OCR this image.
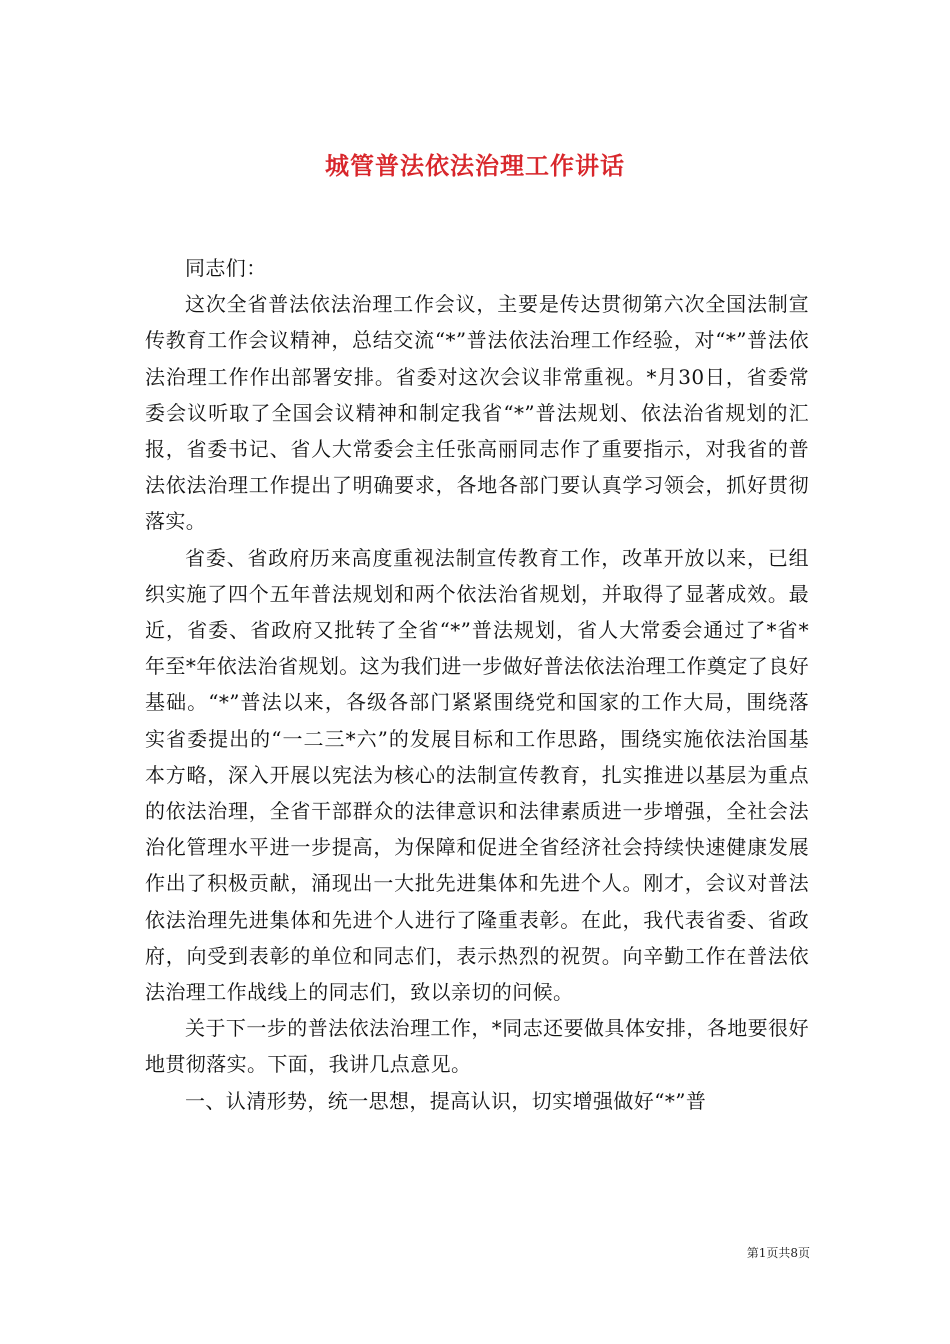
城管普法依法治理工作讲话

同志们：

这次全省普法依法治理工作会议，主要是传达贯彻第六次全国法制宣传教育工作会议精神，总结交流“*”普法依法治理工作经验，对“*”普法依法治理工作作出部署安排。省委对这次会议非常重视。*月30日，省委常委会议听取了全国会议精神和制定我省“*”普法规划、依法治省规划的汇报，省委书记、省人大常委会主任张高丽同志作了重要指示，对我省的普法依法治理工作提出了明确要求，各地各部门要认真学习领会，抓好贯彻落实。

省委、省政府历来高度重视法制宣传教育工作，改革开放以来，已组织实施了四个五年普法规划和两个依法治省规划，并取得了显著成效。最近，省委、省政府又批转了全省“*”普法规划，省人大常委会通过了*省*年至*年依法治省规划。这为我们进一步做好普法依法治理工作奠定了良好基础。“*”普法以来，各级各部门紧紧围绕党和国家的工作大局，围绕落实省委提出的“一二三*六”的发展目标和工作思路，围绕实施依法治国基本方略，深入开展以宪法为核心的法制宣传教育，扎实推进以基层为重点的依法治理，全省干部群众的法律意识和法律素质进一步增强，全社会法治化管理水平进一步提高，为保障和促进全省经济社会持续快速健康发展作出了积极贡献，涌现出一大批先进集体和先进个人。刚才，会议对普法依法治理先进集体和先进个人进行了隆重表彰。在此，我代表省委、省政府，向受到表彰的单位和同志们，表示热烈的祝贺。向辛勤工作在普法依法治理工作战线上的同志们，致以亲切的问候。

关于下一步的普法依法治理工作，*同志还要做具体安排，各地要很好地贯彻落实。下面，我讲几点意见。

一、认清形势，统一思想，提高认识，切实增强做好“*”普

第1页共8页
